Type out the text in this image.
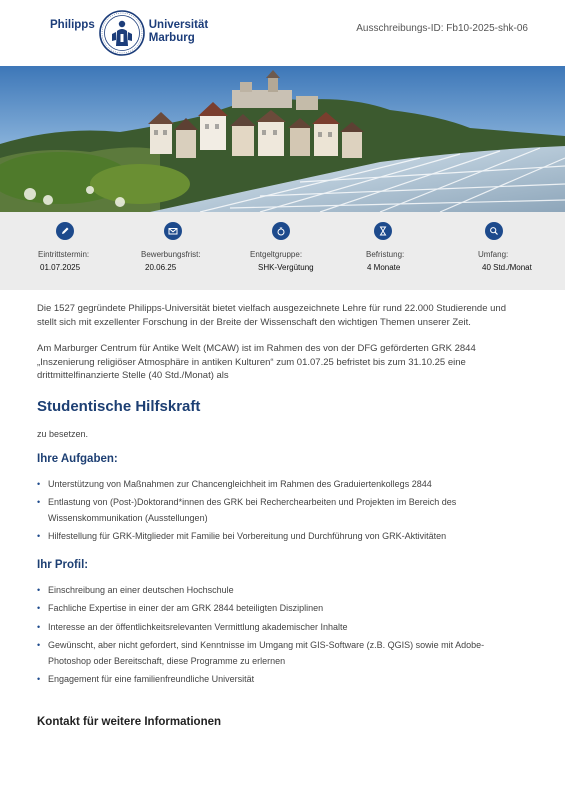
Philipps	Universität
Marburg
Ausschreibungs-ID: Fb10-2025-shk-06
Eintrittstermin:
01.07.2025
Bewerbungsfrist:
20.06.25
Entgeltgruppe:
SHK-Vergütung
Befristung:
4 Monate
Umfang:
40 Std./Monat

Die 1527 gegründete Philipps-Universität bietet vielfach ausgezeichnete Lehre für rund 22.000 Studierende und stellt sich mit exzellenter Forschung in der Breite der Wissenschaft den wichtigen Themen unserer Zeit.

Am Marburger Centrum für Antike Welt (MCAW) ist im Rahmen des von der DFG geförderten GRK 2844 „Inszenierung religiöser Atmosphäre in antiken Kulturen“ zum 01.07.25 befristet bis zum 31.10.25 eine drittmittelfinanzierte Stelle (40 Std./Monat) als

Studentische Hilfskraft

zu besetzen.

Ihre Aufgaben:
• Unterstützung von Maßnahmen zur Chancengleichheit im Rahmen des Graduiertenkollegs 2844
• Entlastung von (Post-)Doktorand*innen des GRK bei Recherchearbeiten und Projekten im Bereich des Wissenskommunikation (Ausstellungen)
• Hilfestellung für GRK-Mitglieder mit Familie bei Vorbereitung und Durchführung von GRK-Aktivitäten
Ihr Profil:
• Einschreibung an einer deutschen Hochschule
• Fachliche Expertise in einer der am GRK 2844 beteiligten Disziplinen
• Interesse an der öffentlichkeitsrelevanten Vermittlung akademischer Inhalte
• Gewünscht, aber nicht gefordert, sind Kenntnisse im Umgang mit GIS-Software (z.B. QGIS) sowie mit Adobe-Photoshop oder Bereitschaft, diese Programme zu erlernen
• Engagement für eine familienfreundliche Universität
Kontakt für weitere Informationen
